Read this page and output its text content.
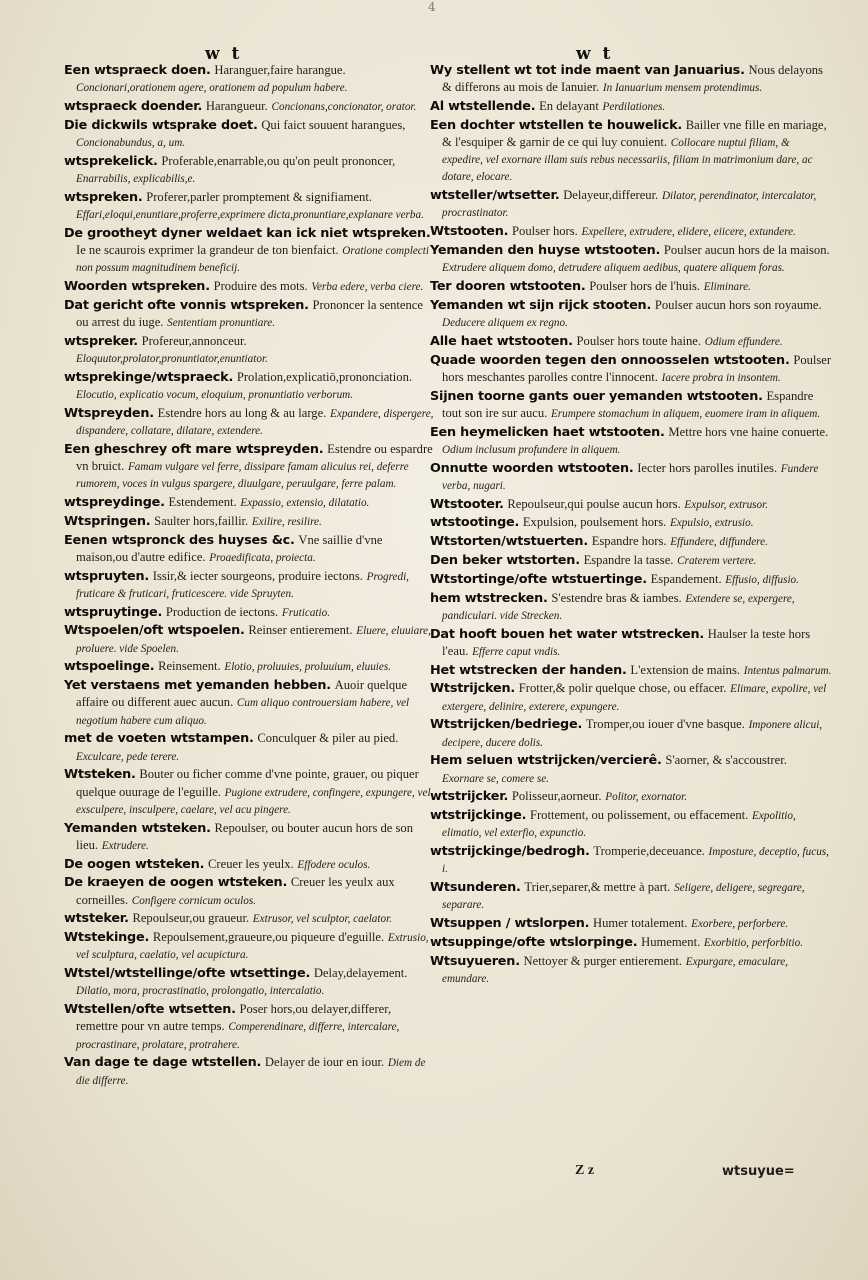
4
w t	w t
Een wtspraeck doen. Haranguer,faire harangue. Concionari,orationem agere, orationem ad populum habere.
wtspraeck doender. Harangueur. Concionans,concionator, orator.
Die dickwils wtsprake doet. Qui faict souuent harangues, Concionabundus, a, um.
wtsprekelick. Proferable,enarrable,ou qu'on peult prononcer, Enarrabilis, explicabilis,e.
wtspreken. Proferer,parler promptement & signifiament. Effari,eloqui,enuntiare,proferre,exprimere dicta,pronuntiare,explanare verba.
De grootheyt dyner weldaet kan ick niet wtspreken. Ie ne scaurois exprimer la grandeur de ton bienfaict. Oratione complecti non possum magnitudinem beneficij.
Woorden wtspreken. Produire des mots. Verba edere, verba ciere.
Dat gericht ofte vonnis wtspreken. Prononcer la sentence ou arrest du iuge. Sententiam pronuntiare.
wtspreker. Profereur,annonceur. Eloquutor,prolator,pronuntiator,enuntiator.
wtsprekinge/wtspraeck. Prolation,explicatiō,prononciation. Elocutio, explicatio vocum, eloquium, pronuntiatio verborum.
Wtspreyden. Estendre hors au long & au large. Expandere, dispergere, dispandere, collatare, dilatare, extendere.
Een gheschrey oft mare wtspreyden. Estendre ou espardre vn bruict. Famam vulgare vel ferre, dissipare famam alicuius rei, deferre rumorem, voces in vulgus spargere, diuulgare, peruulgare, ferre palam.
wtspreydinge. Estendement. Expassio, extensio, dilatatio.
Wtspringen. Saulter hors,faillir. Exilire, resilire.
Eenen wtspronck des huyses &c. Vne saillie d'vne maison,ou d'autre edifice. Proaedificata, proiecta.
wtspruyten. Issir,& iecter sourgeons, produire iectons. Progredi, fruticare & fruticari, fruticescere. vide Spruyten.
wtspruytinge. Production de iectons. Fruticatio.
Wtspoelen/oft wtspoelen. Reinser entierement. Eluere, eluuiare, proluere. vide Spoelen.
wtspoelinge. Reinsement. Elotio, proluuies, proluuium, eluuies.
Yet verstaens met yemanden hebben. Auoir quelque affaire ou different auec aucun. Cum aliquo controuersiam habere, vel negotium habere cum aliquo.
met de voeten wtstampen. Conculquer & piler au pied. Exculcare, pede terere.
Wtsteken. Bouter ou ficher comme d'vne pointe, grauer, ou piquer quelque ouurage de l'eguille. Pugione extrudere, confingere, expungere, vel exsculpere, insculpere, caelare, vel acu pingere.
Yemanden wtsteken. Repoulser, ou bouter aucun hors de son lieu. Extrudere.
De oogen wtsteken. Creuer les yeulx. Effodere oculos.
De kraeyen de oogen wtsteken. Creuer les yeulx aux corneilles. Configere cornicum oculos.
wtsteker. Repoulseur,ou graueur. Extrusor, vel sculptor, caelator.
Wtstekinge. Repoulsement,graueure,ou piqueure d'eguille. Extrusio, vel sculptura, caelatio, vel acupictura.
Wtstel/wtstellinge/ofte wtsettinge. Delay,delayement. Dilatio, mora, procrastinatio, prolongatio, intercalatio.
Wtstellen/ofte wtsetten. Poser hors,ou delayer,differer, remettre pour vn autre temps. Comperendinare, differre, intercalare, procrastinare, prolatare, protrahere.
Van dage te dage wtstellen. Delayer de iour en iour. Diem de die differre.
Wy stellent wt tot inde maent van Januarius. Nous delayons & differons au mois de Ianuier. In Ianuarium mensem protendimus.
Al wtstellende. En delayant Perdilationes.
Een dochter wtstellen te houwelick. Bailler vne fille en mariage, & l'esquiper & garnir de ce qui luy conuient. Collocare nuptui filiam, & expedire, vel exornare illam suis rebus necessariis, filiam in matrimonium dare, ac dotare, elocare.
wtsteller/wtsetter. Delayeur,differeur. Dilator, perendinator, intercalator, procrastinator.
Wtstooten. Poulser hors. Expellere, extrudere, elidere, eiicere, extundere.
Yemanden den huyse wtstooten. Poulser aucun hors de la maison. Extrudere aliquem domo, detrudere aliquem aedibus, quatere aliquem foras.
Ter dooren wtstooten. Poulser hors de l'huis. Eliminare.
Yemanden wt sijn rijck stooten. Poulser aucun hors son royaume. Deducere aliquem ex regno.
Alle haet wtstooten. Poulser hors toute haine. Odium effundere.
Quade woorden tegen den onnoosselen wtstooten. Poulser hors meschantes parolles contre l'innocent. Iacere probra in insontem.
Sijnen toorne gants ouer yemanden wtstooten. Espandre tout son ire sur aucu. Erumpere stomachum in aliquem, euomere iram in aliquem.
Een heymelicken haet wtstooten. Mettre hors vne haine conuerte. Odium inclusum profundere in aliquem.
Onnutte woorden wtstooten. Iecter hors parolles inutiles. Fundere verba, nugari.
Wtstooter. Repoulseur,qui poulse aucun hors. Expulsor, extrusor.
wtstootinge. Expulsion, poulsement hors. Expulsio, extrusio.
Wtstorten/wtstuerten. Espandre hors. Effundere, diffundere.
Den beker wtstorten. Espandre la tasse. Craterem vertere.
Wtstortinge/ofte wtstuertinge. Espandement. Effusio, diffusio.
hem wtstrecken. S'estendre bras & iambes. Extendere se, expergere, pandiculari. vide Strecken.
Dat hooft bouen het water wtstrecken. Haulser la teste hors l'eau. Efferre caput vndis.
Het wtstrecken der handen. L'extension de mains. Intentus palmarum.
Wtstrijcken. Frotter,& polir quelque chose, ou effacer. Elimare, expolire, vel extergere, delinire, exterere, expungere.
Wtstrijcken/bedriege. Tromper,ou iouer d'vne basque. Imponere alicui, decipere, ducere dolis.
Hem seluen wtstrijcken/vercierê. S'aorner, & s'accoustrer. Exornare se, comere se.
wtstrijcker. Polisseur,aorneur. Politor, exornator.
wtstrijckinge. Frottement, ou polissement, ou effacement. Expolitio, elimatio, vel exterfio, expunctio.
wtstrijckinge/bedrogh. Tromperie,deceuance. Imposture, deceptio, fucus, i.
Wtsunderen. Trier,separer,& mettre à part. Seligere, deligere, segregare, separare.
Wtsuppen / wtslorpen. Humer totalement. Exorbere, perforbere.
wtsuppinge/ofte wtslorpinge. Humement. Exorbitio, perforbitio.
Wtsuyueren. Nettoyer & purger entierement. Expurgare, emaculare, emundare.
Z z	wtsuyue=
